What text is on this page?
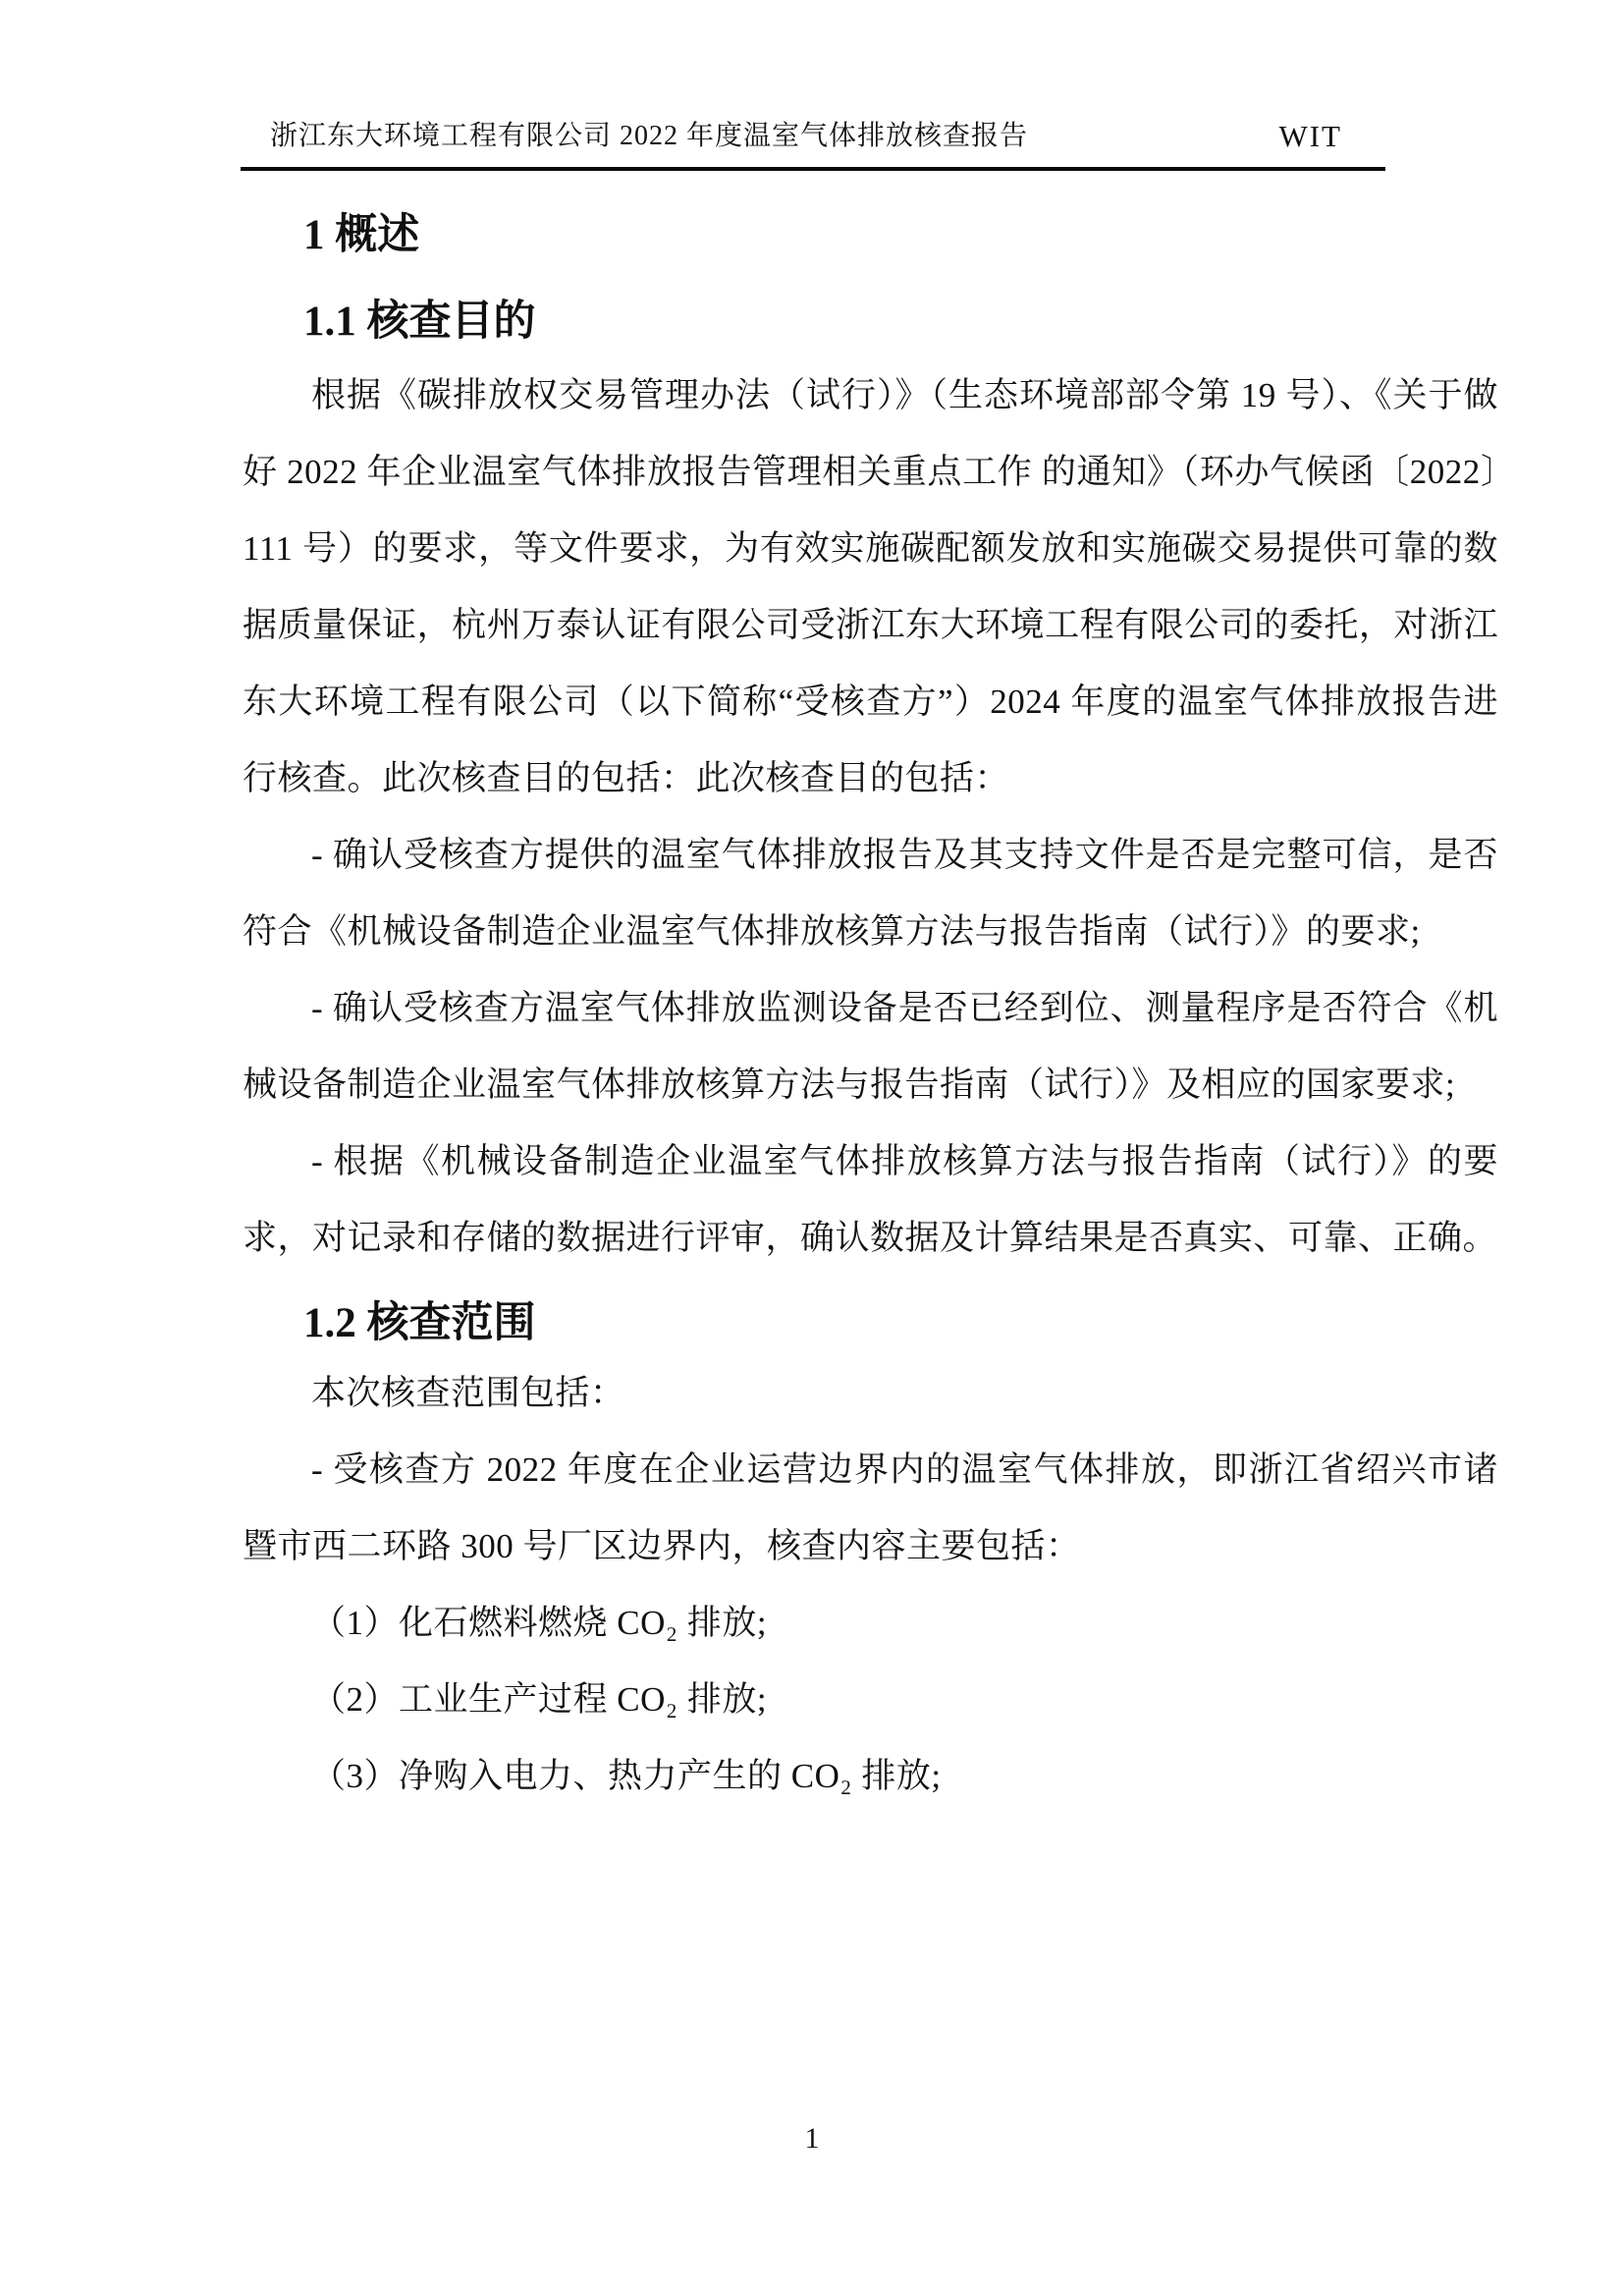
浙江东大环境工程有限公司 2022 年度温室气体排放核查报告	WIT
1 概述
1.1 核查目的

根据《碳排放权交易管理办法（试行）》（生态环境部部令第 19 号）、《关于做好 2022 年企业温室气体排放报告管理相关重点工作 的通知》（环办气候函〔2022〕111 号）的要求，等文件要求，为有效实施碳配额发放和实施碳交易提供可靠的数据质量保证，杭州万泰认证有限公司受浙江东大环境工程有限公司的委托，对浙江东大环境工程有限公司（以下简称“受核查方”）2024 年度的温室气体排放报告进行核查。此次核查目的包括：此次核查目的包括：

- 确认受核查方提供的温室气体排放报告及其支持文件是否是完整可信，是否符合《机械设备制造企业温室气体排放核算方法与报告指南（试行）》的要求;

- 确认受核查方温室气体排放监测设备是否已经到位、测量程序是否符合《机械设备制造企业温室气体排放核算方法与报告指南（试行）》及相应的国家要求;

- 根据《机械设备制造企业温室气体排放核算方法与报告指南（试行）》的要求，对记录和存储的数据进行评审，确认数据及计算结果是否真实、可靠、正确。

1.2 核查范围

本次核查范围包括：

- 受核查方 2022 年度在企业运营边界内的温室气体排放，即浙江省绍兴市诸暨市西二环路 300 号厂区边界内，核查内容主要包括：

（1）化石燃料燃烧 CO₂ 排放;

（2）工业生产过程 CO₂ 排放;

（3）净购入电力、热力产生的 CO₂ 排放;

1
